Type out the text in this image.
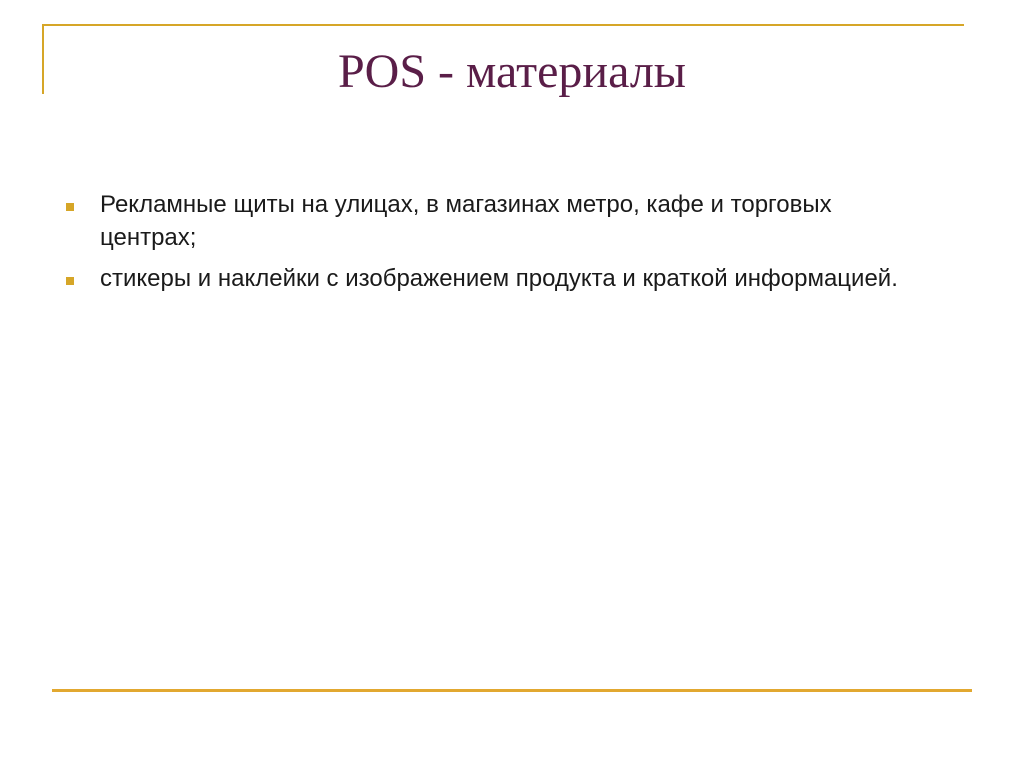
POS - материалы
Рекламные щиты на улицах, в магазинах метро, кафе и торговых центрах;
стикеры и наклейки с изображением продукта и краткой информацией.
